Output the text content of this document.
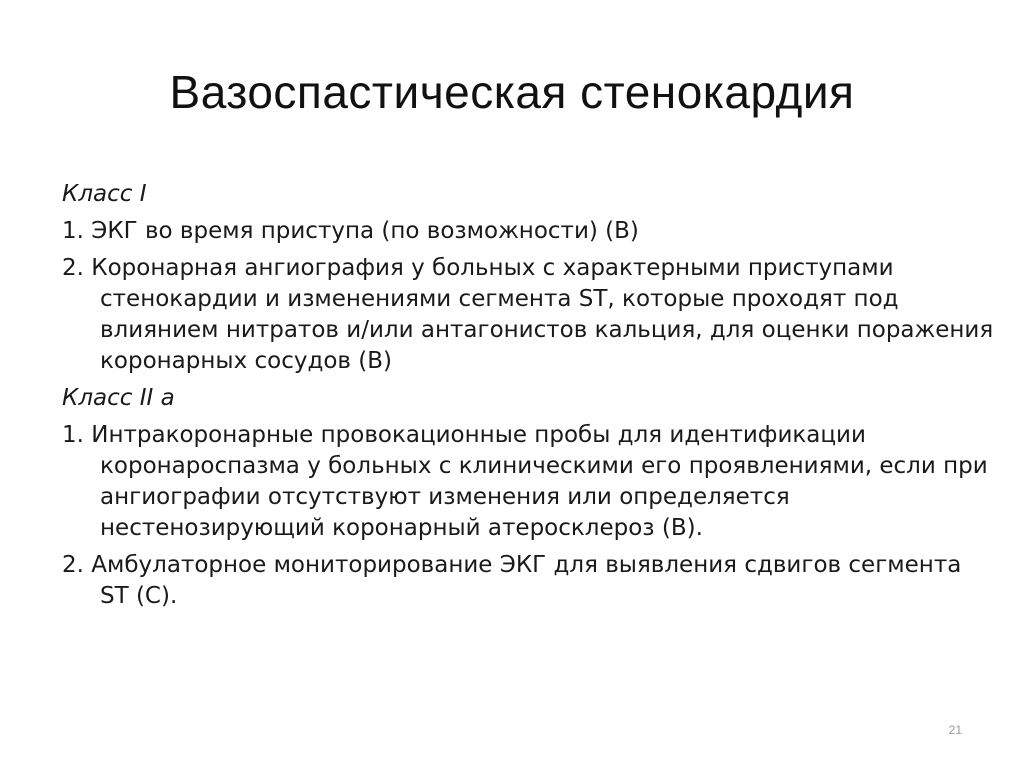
Вазоспастическая стенокардия
Класс I
1. ЭКГ во время приступа (по возможности) (В)
2. Коронарная ангиография у больных с характерными приступами стенокардии и изменениями сегмента ST, которые проходят под влиянием нитратов и/или антагонистов кальция, для оценки поражения коронарных сосудов (В)
Класс II a
1. Интракоронарные провокационные пробы для идентификации коронароспазма у больных с клиническими его проявлениями, если при ангиографии отсутствуют изменения или определяется нестенозирующий коронарный атеросклероз (В).
2. Амбулаторное мониторирование ЭКГ для выявления сдвигов сегмента ST (С).
21
